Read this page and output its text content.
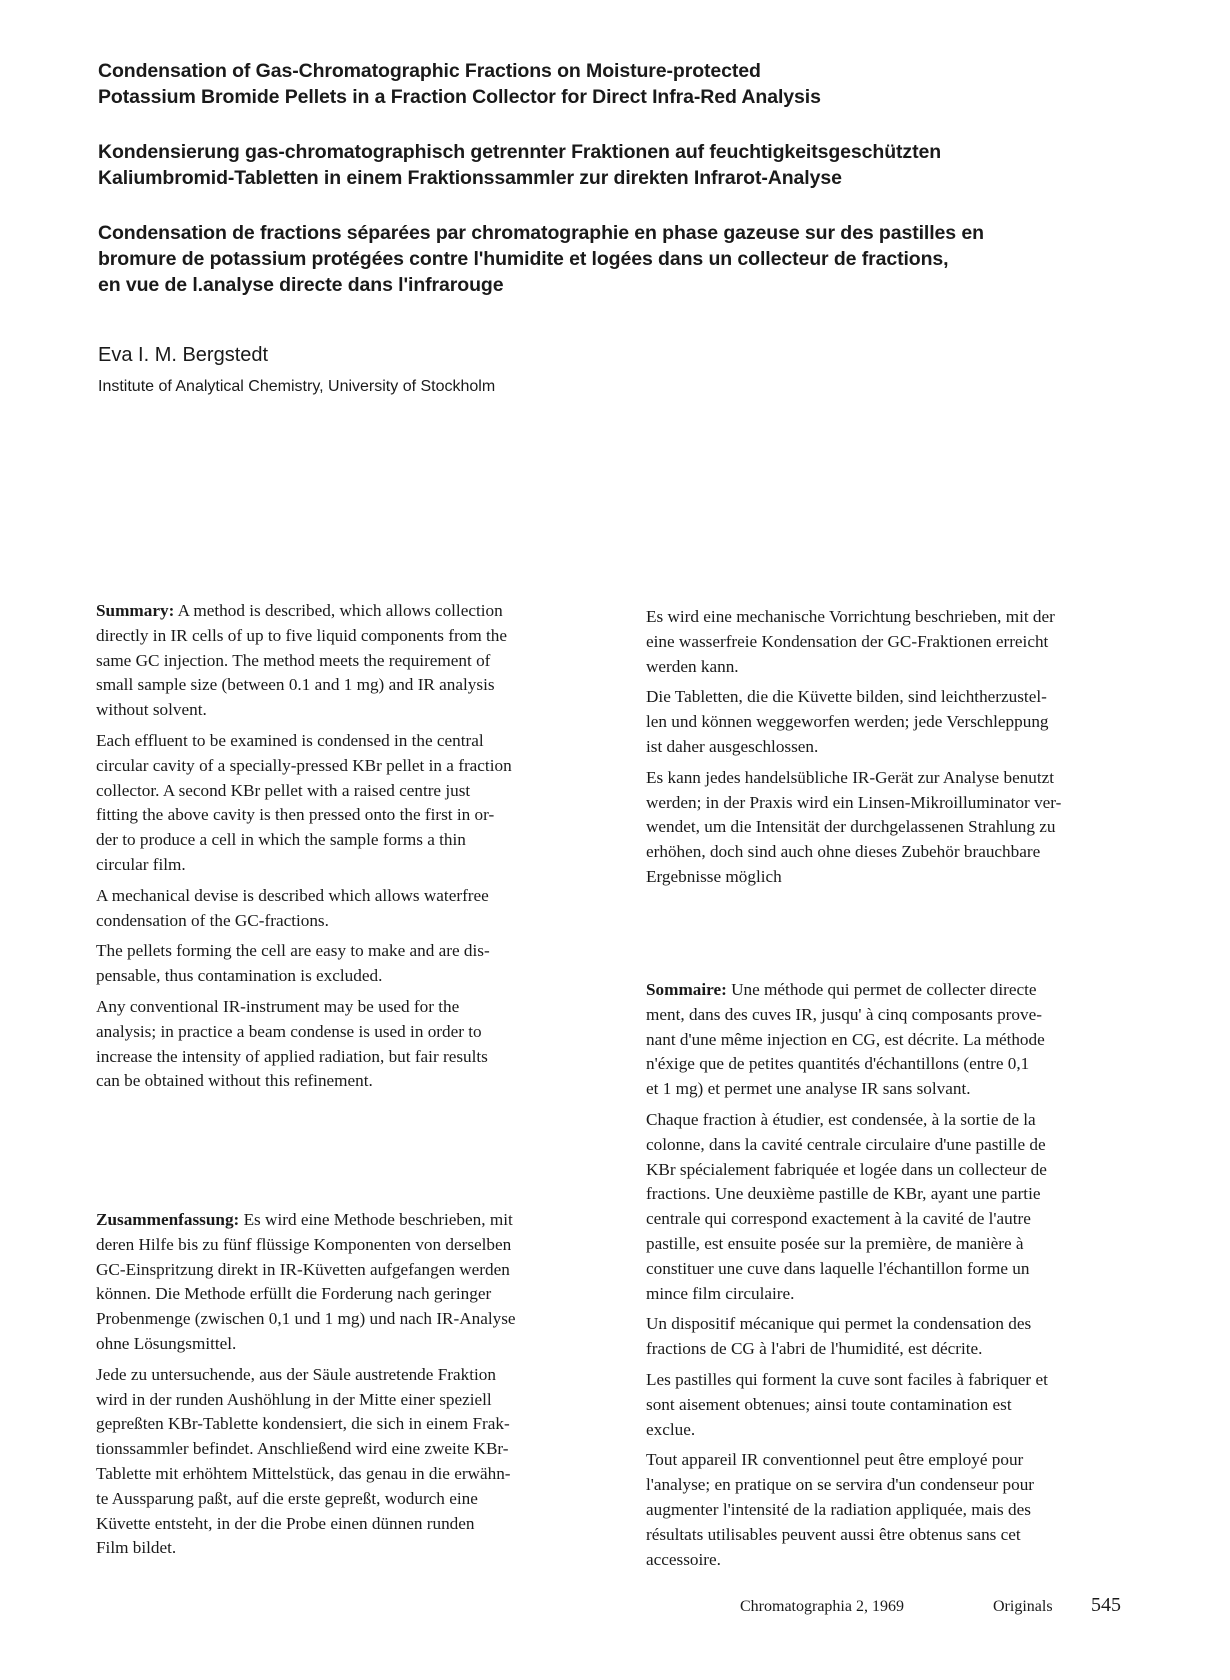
Condensation of Gas-Chromatographic Fractions on Moisture-protected
Potassium Bromide Pellets in a Fraction Collector for Direct Infra-Red Analysis
Kondensierung gas-chromatographisch getrennter Fraktionen auf feuchtigkeitsgeschützten
Kaliumbromid-Tabletten in einem Fraktionssammler zur direkten Infrarot-Analyse
Condensation de fractions séparées par chromatographie en phase gazeuse sur des pastilles en
bromure de potassium protégées contre l'humidite et logées dans un collecteur de fractions,
en vue de l.analyse directe dans l'infrarouge
Eva I. M. Bergstedt
Institute of Analytical Chemistry, University of Stockholm

Summary: A method is described, which allows collection
directly in IR cells of up to five liquid components from the
same GC injection. The method meets the requirement of
small sample size (between 0.1 and 1 mg) and IR analysis
without solvent.

Each effluent to be examined is condensed in the central
circular cavity of a specially-pressed KBr pellet in a fraction
collector. A second KBr pellet with a raised centre just
fitting the above cavity is then pressed onto the first in or-
der to produce a cell in which the sample forms a thin
circular film.

A mechanical devise is described which allows waterfree
condensation of the GC-fractions.

The pellets forming the cell are easy to make and are dis-
pensable, thus contamination is excluded.

Any conventional IR-instrument may be used for the
analysis; in practice a beam condense is used in order to
increase the intensity of applied radiation, but fair results
can be obtained without this refinement.

Zusammenfassung: Es wird eine Methode beschrieben, mit
deren Hilfe bis zu fünf flüssige Komponenten von derselben
GC-Einspritzung direkt in IR-Küvetten aufgefangen werden
können. Die Methode erfüllt die Forderung nach geringer
Probenmenge (zwischen 0,1 und 1 mg) und nach IR-Analyse
ohne Lösungsmittel.

Jede zu untersuchende, aus der Säule austretende Fraktion
wird in der runden Aushöhlung in der Mitte einer speziell
gepreßten KBr-Tablette kondensiert, die sich in einem Frak-
tionssammler befindet. Anschließend wird eine zweite KBr-
Tablette mit erhöhtem Mittelstück, das genau in die erwähn-
te Aussparung paßt, auf die erste gepreßt, wodurch eine
Küvette entsteht, in der die Probe einen dünnen runden
Film bildet.

Es wird eine mechanische Vorrichtung beschrieben, mit der
eine wasserfreie Kondensation der GC-Fraktionen erreicht
werden kann.

Die Tabletten, die die Küvette bilden, sind leichtherzustel-
len und können weggeworfen werden; jede Verschleppung
ist daher ausgeschlossen.

Es kann jedes handelsübliche IR-Gerät zur Analyse benutzt
werden; in der Praxis wird ein Linsen-Mikroilluminator ver-
wendet, um die Intensität der durchgelassenen Strahlung zu
erhöhen, doch sind auch ohne dieses Zubehör brauchbare
Ergebnisse möglich

Sommaire: Une méthode qui permet de collecter directe
ment, dans des cuves IR, jusqu' à cinq composants prove-
nant d'une même injection en CG, est décrite. La méthode
n'éxige que de petites quantités d'échantillons (entre 0,1
et 1 mg) et permet une analyse IR sans solvant.

Chaque fraction à étudier, est condensée, à la sortie de la
colonne, dans la cavité centrale circulaire d'une pastille de
KBr spécialement fabriquée et logée dans un collecteur de
fractions. Une deuxième pastille de KBr, ayant une partie
centrale qui correspond exactement à la cavité de l'autre
pastille, est ensuite posée sur la première, de manière à
constituer une cuve dans laquelle l'échantillon forme un
mince film circulaire.

Un dispositif mécanique qui permet la condensation des
fractions de CG à l'abri de l'humidité, est décrite.

Les pastilles qui forment la cuve sont faciles à fabriquer et
sont aisement obtenues; ainsi toute contamination est
exclue.

Tout appareil IR conventionnel peut être employé pour
l'analyse; en pratique on se servira d'un condenseur pour
augmenter l'intensité de la radiation appliquée, mais des
résultats utilisables peuvent aussi être obtenus sans cet
accessoire.

Chromatographia 2, 1969	Originals 545
